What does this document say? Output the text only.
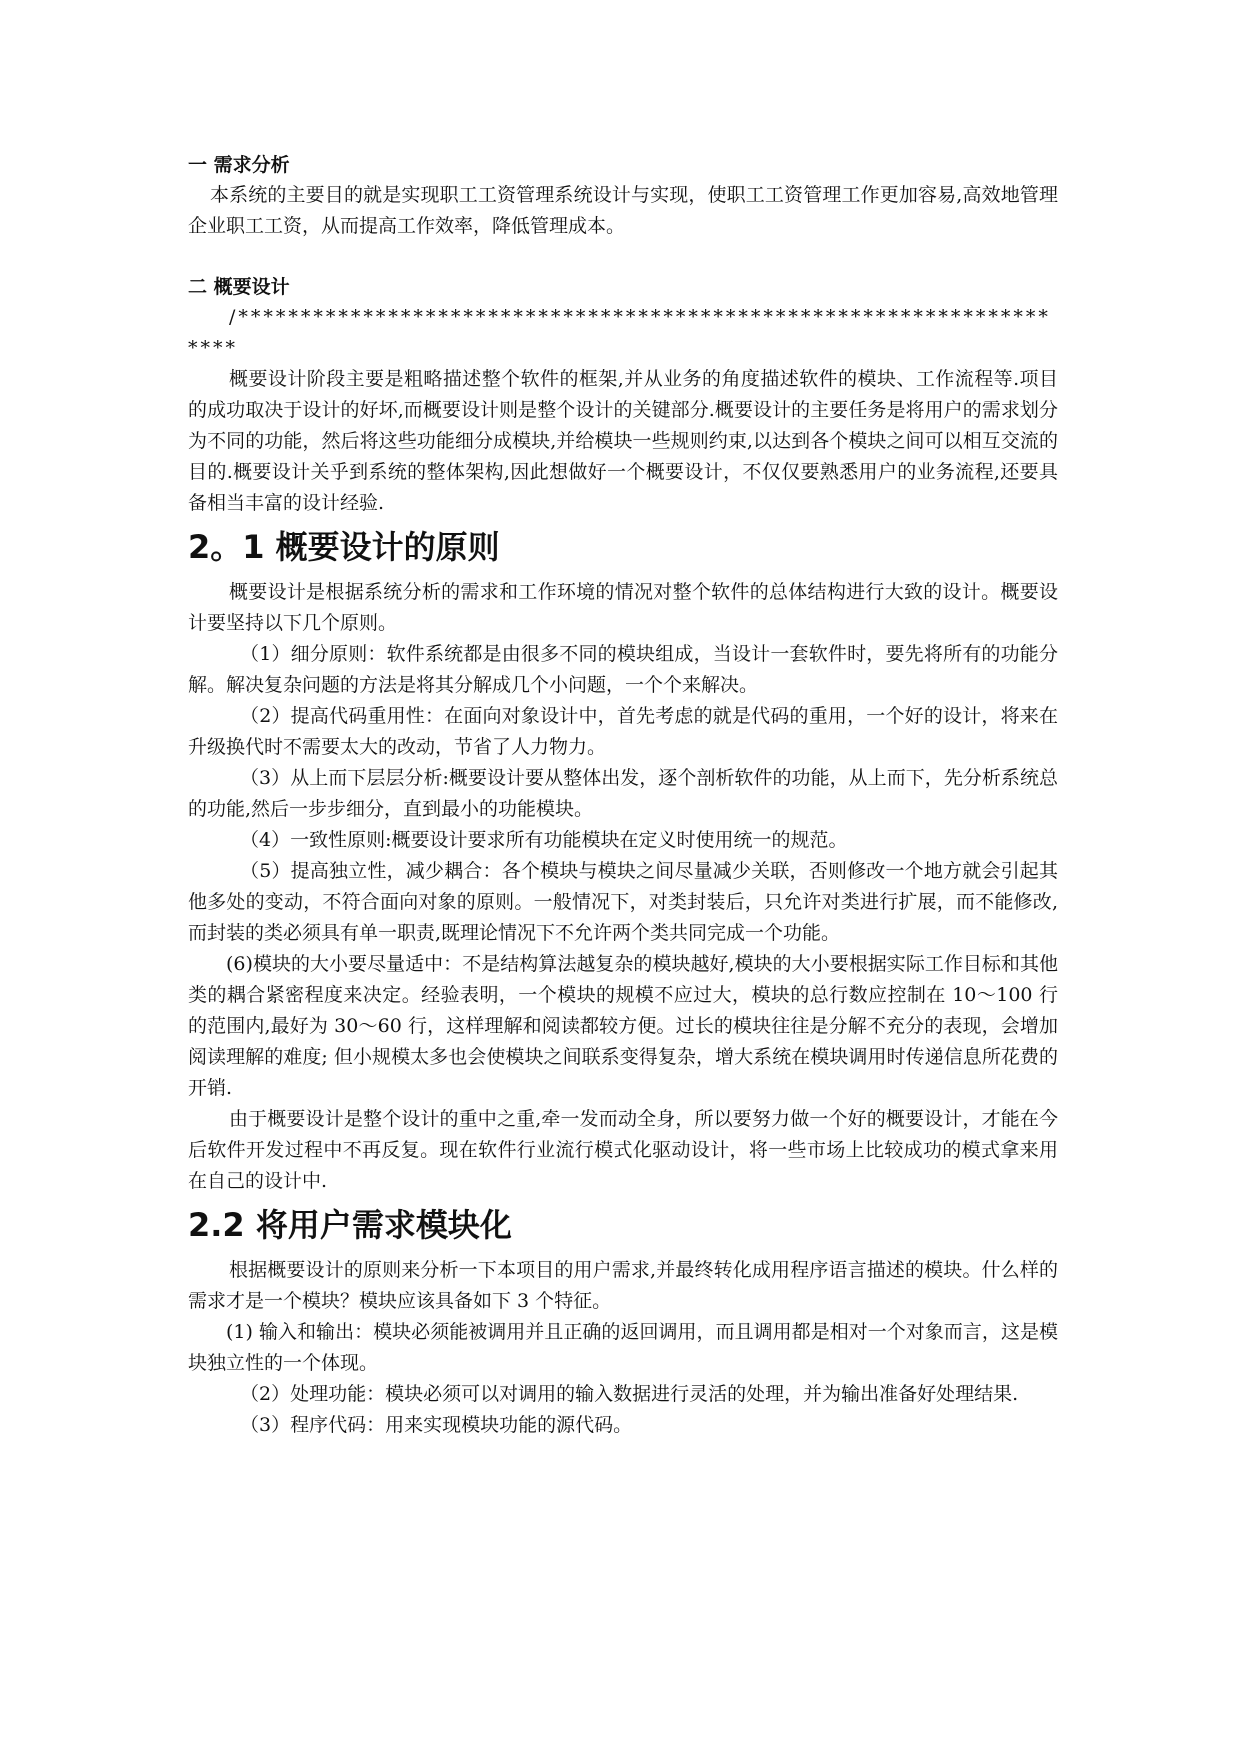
一 需求分析

本系统的主要目的就是实现职工工资管理系统设计与实现，使职工工资管理工作更加容易,高效地管理企业职工工资，从而提高工作效率，降低管理成本。

二 概要设计

/*********************************************************************

概要设计阶段主要是粗略描述整个软件的框架,并从业务的角度描述软件的模块、工作流程等.项目的成功取决于设计的好坏,而概要设计则是整个设计的关键部分.概要设计的主要任务是将用户的需求划分为不同的功能，然后将这些功能细分成模块,并给模块一些规则约束,以达到各个模块之间可以相互交流的目的.概要设计关乎到系统的整体架构,因此想做好一个概要设计，不仅仅要熟悉用户的业务流程,还要具备相当丰富的设计经验.

2。1 概要设计的原则

概要设计是根据系统分析的需求和工作环境的情况对整个软件的总体结构进行大致的设计。概要设计要坚持以下几个原则。

（1）细分原则：软件系统都是由很多不同的模块组成，当设计一套软件时，要先将所有的功能分解。解决复杂问题的方法是将其分解成几个小问题，一个个来解决。

（2）提高代码重用性：在面向对象设计中，首先考虑的就是代码的重用，一个好的设计，将来在升级换代时不需要太大的改动，节省了人力物力。

（3）从上而下层层分析:概要设计要从整体出发，逐个剖析软件的功能，从上而下，先分析系统总的功能,然后一步步细分，直到最小的功能模块。

（4）一致性原则:概要设计要求所有功能模块在定义时使用统一的规范。

（5）提高独立性，减少耦合：各个模块与模块之间尽量减少关联，否则修改一个地方就会引起其他多处的变动，不符合面向对象的原则。一般情况下，对类封装后，只允许对类进行扩展，而不能修改,而封装的类必须具有单一职责,既理论情况下不允许两个类共同完成一个功能。

(6)模块的大小要尽量适中：不是结构算法越复杂的模块越好,模块的大小要根据实际工作目标和其他类的耦合紧密程度来决定。经验表明，一个模块的规模不应过大，模块的总行数应控制在 10～100 行的范围内,最好为 30～60 行，这样理解和阅读都较方便。过长的模块往往是分解不充分的表现，会增加阅读理解的难度; 但小规模太多也会使模块之间联系变得复杂，增大系统在模块调用时传递信息所花费的开销.

由于概要设计是整个设计的重中之重,牵一发而动全身，所以要努力做一个好的概要设计，才能在今后软件开发过程中不再反复。现在软件行业流行模式化驱动设计，将一些市场上比较成功的模式拿来用在自己的设计中.

2.2 将用户需求模块化

根据概要设计的原则来分析一下本项目的用户需求,并最终转化成用程序语言描述的模块。什么样的需求才是一个模块？模块应该具备如下 3 个特征。

(1) 输入和输出：模块必须能被调用并且正确的返回调用，而且调用都是相对一个对象而言，这是模块独立性的一个体现。

（2）处理功能：模块必须可以对调用的输入数据进行灵活的处理，并为输出准备好处理结果.

（3）程序代码：用来实现模块功能的源代码。
